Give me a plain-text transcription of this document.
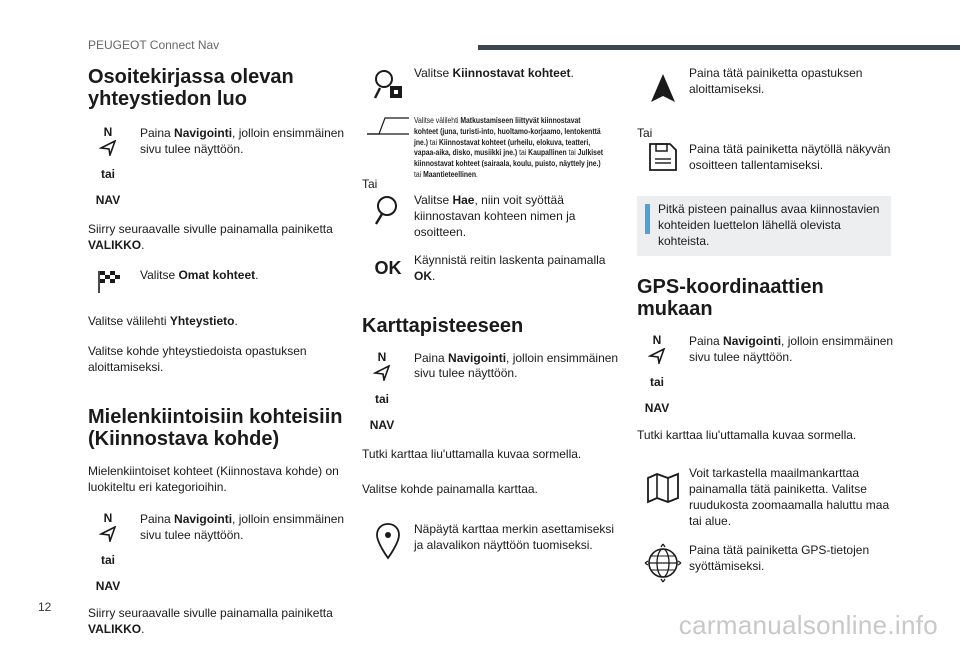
PEUGEOT Connect Nav
Osoitekirjassa olevan yhteystiedon luo
N
tai
NAV
Paina Navigointi, jolloin ensimmäinen sivu tulee näyttöön.

Siirry seuraavalle sivulle painamalla painiketta VALIKKO.

Valitse Omat kohteet.

Valitse välilehti Yhteystieto.

Valitse kohde yhteystiedoista opastuksen aloittamiseksi.

Mielenkiintoisiin kohteisiin (Kiinnostava kohde)

Mielenkiintoiset kohteet (Kiinnostava kohde) on luokiteltu eri kategorioihin.

N
tai
NAV
Paina Navigointi, jolloin ensimmäinen sivu tulee näyttöön.

Siirry seuraavalle sivulle painamalla painiketta VALIKKO.

Valitse Kiinnostavat kohteet.
Valitse välilehti Matkustamiseen liittyvät kiinnostavat kohteet (juna, turisti-into, huoltamo-korjaamo, lentokenttä jne.) tai Kiinnostavat kohteet (urheilu, elokuva, teatteri, vapaa-aika, disko, musiikki jne.) tai Kaupallinen tai Julkiset kiinnostavat kohteet (sairaala, koulu, puisto, näyttely jne.) tai Maantieteellinen.

Tai

Valitse Hae, niin voit syöttää kiinnostavan kohteen nimen ja osoitteen.
OK Käynnistä reitin laskenta painamalla OK.
Karttapisteeseen
N
tai
NAV
Paina Navigointi, jolloin ensimmäinen sivu tulee näyttöön.

Tutki karttaa liu'uttamalla kuvaa sormella.

Valitse kohde painamalla karttaa.

Näpäytä karttaa merkin asettamiseksi ja alavalikon näyttöön tuomiseksi.
Paina tätä painiketta opastuksen aloittamiseksi.

Tai

Paina tätä painiketta näytöllä näkyvän osoitteen tallentamiseksi.
Pitkä pisteen painallus avaa kiinnostavien kohteiden luettelon lähellä olevista kohteista.
GPS-koordinaattien mukaan
N
tai
NAV
Paina Navigointi, jolloin ensimmäinen sivu tulee näyttöön.

Tutki karttaa liu'uttamalla kuvaa sormella.

Voit tarkastella maailmankarttaa painamalla tätä painiketta. Valitse ruudukosta zoomaamalla haluttu maa tai alue.
Paina tätä painiketta GPS-tietojen syöttämiseksi.
12
carmanualsonline.info
